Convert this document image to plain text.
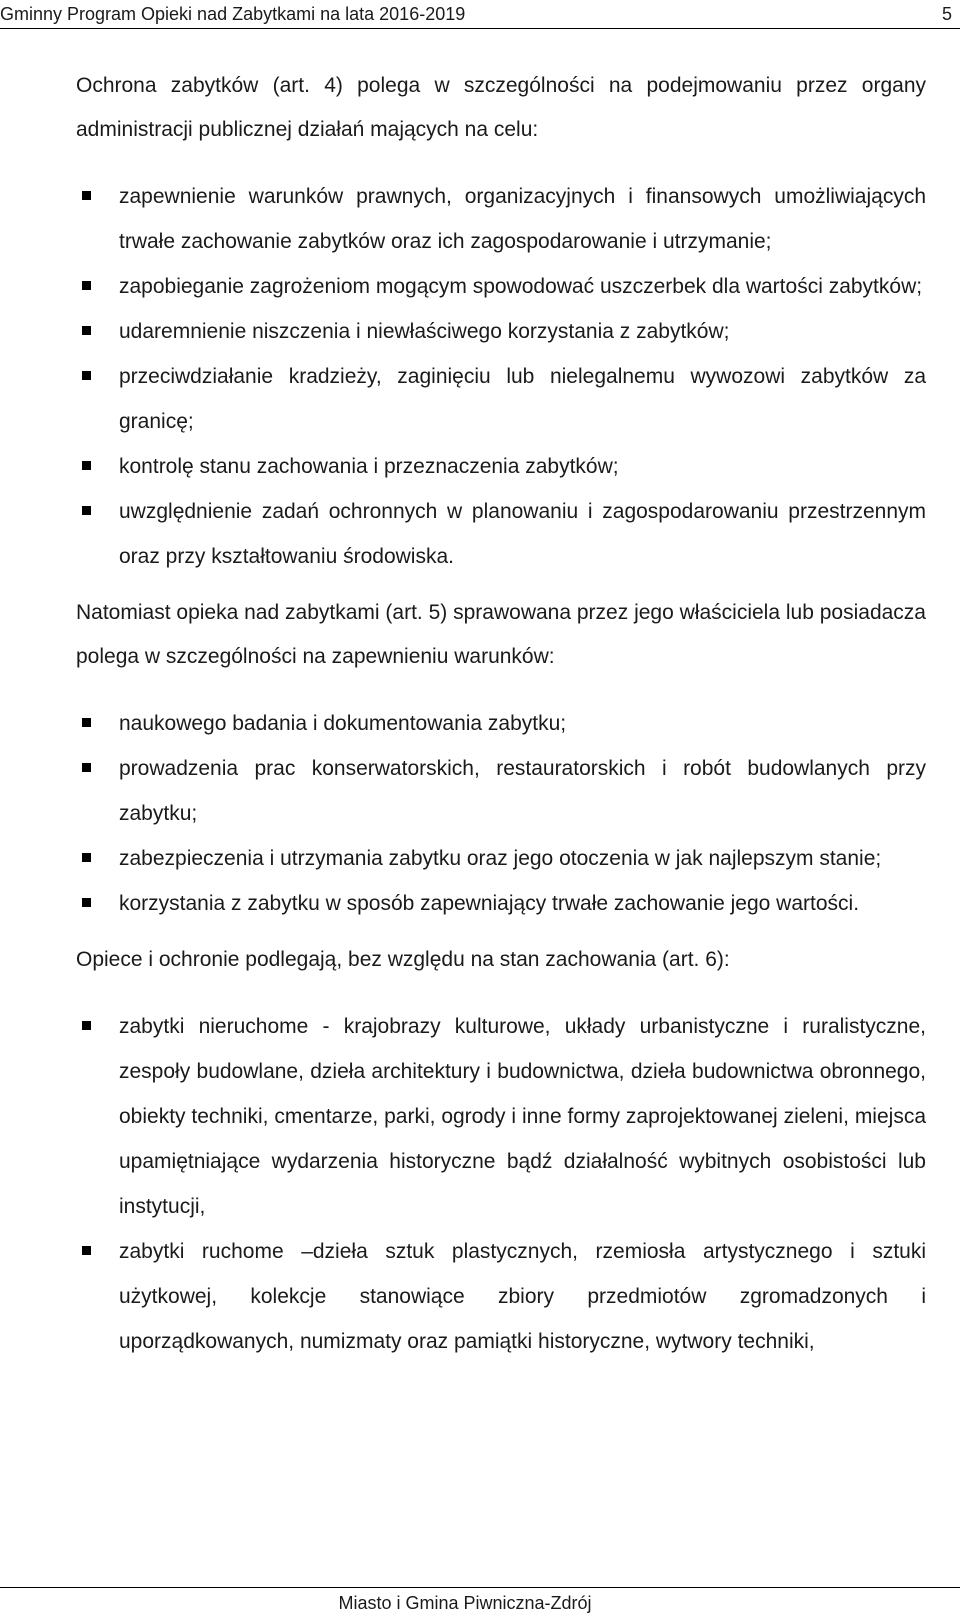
Gminny Program Opieki nad Zabytkami na lata 2016-2019	5

Ochrona zabytków (art. 4) polega w szczególności na podejmowaniu przez organy administracji publicznej działań mających na celu:

zapewnienie warunków prawnych, organizacyjnych i finansowych umożliwiających trwałe zachowanie zabytków oraz ich zagospodarowanie i utrzymanie;
zapobieganie zagrożeniom mogącym spowodować uszczerbek dla wartości zabytków;
udaremnienie niszczenia i niewłaściwego korzystania z zabytków;
przeciwdziałanie kradzieży, zaginięciu lub nielegalnemu wywozowi zabytków za granicę;
kontrolę stanu zachowania i przeznaczenia zabytków;
uwzględnienie zadań ochronnych w planowaniu i zagospodarowaniu przestrzennym oraz przy kształtowaniu środowiska.

Natomiast opieka nad zabytkami (art. 5) sprawowana przez jego właściciela lub posiadacza polega w szczególności na zapewnieniu warunków:

naukowego badania i dokumentowania zabytku;
prowadzenia prac konserwatorskich, restauratorskich i robót budowlanych przy zabytku;
zabezpieczenia i utrzymania zabytku oraz jego otoczenia w jak najlepszym stanie;
korzystania z zabytku w sposób zapewniający trwałe zachowanie jego wartości.

Opiece i ochronie podlegają, bez względu na stan zachowania (art. 6):

zabytki nieruchome - krajobrazy kulturowe, układy urbanistyczne i ruralistyczne, zespoły budowlane, dzieła architektury i budownictwa, dzieła budownictwa obronnego, obiekty techniki, cmentarze, parki, ogrody i inne formy zaprojektowanej zieleni, miejsca upamiętniające wydarzenia historyczne bądź działalność wybitnych osobistości lub instytucji,
zabytki ruchome –dzieła sztuk plastycznych, rzemiosła artystycznego i sztuki użytkowej, kolekcje stanowiące zbiory przedmiotów zgromadzonych i uporządkowanych, numizmaty oraz pamiątki historyczne, wytwory techniki,
Miasto i Gmina Piwniczna-Zdrój
